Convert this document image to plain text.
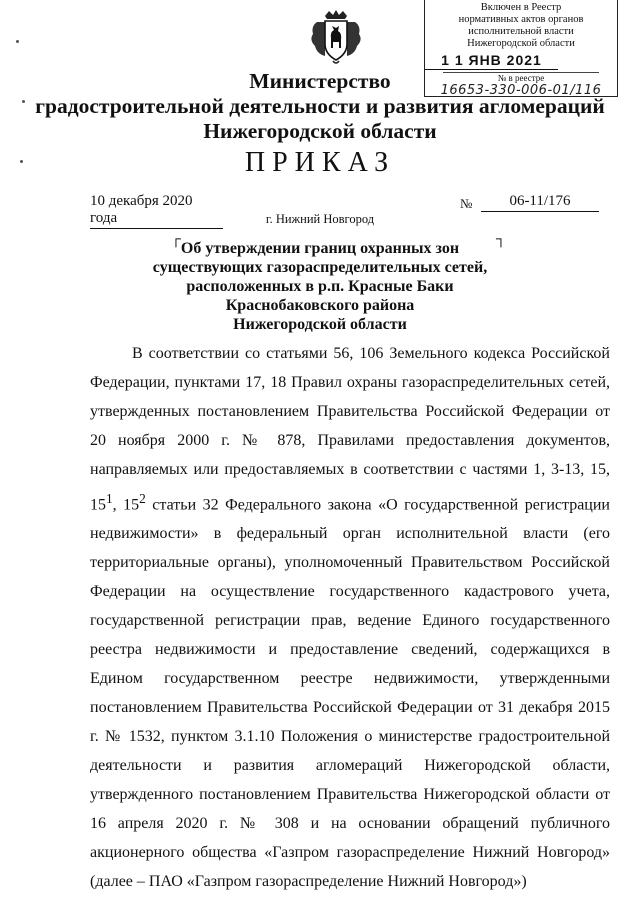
Включен в Реестр
нормативных актов органов
исполнительной власти
Нижегородской области
1 1 ЯНВ 2021
№ в реестре
16653-330-006-01/116
Министерство
градостроительной деятельности и развития агломераций
Нижегородской области
ПРИКАЗ
10 декабря 2020 года
№	06-11/176
г. Нижний Новгород
┌	┐
Об утверждении границ охранных зон
существующих газораспределительных сетей,
расположенных в р.п. Красные Баки
Краснобаковского района
Нижегородской области
В соответствии со статьями 56, 106 Земельного кодекса Российской Федерации, пунктами 17, 18 Правил охраны газораспределительных сетей, утвержденных постановлением Правительства Российской Федерации от 20 ноября 2000 г. № 878, Правилами предоставления документов, направляемых или предоставляемых в соответствии с частями 1, 3-13, 15, $15^1$, $15^2$ статьи 32 Федерального закона «О государственной регистрации недвижимости» в федеральный орган исполнительной власти (его территориальные органы), уполномоченный Правительством Российской Федерации на осуществление государственного кадастрового учета, государственной регистрации прав, ведение Единого государственного реестра недвижимости и предоставление сведений, содержащихся в Едином государственном реестре недвижимости, утвержденными постановлением Правительства Российской Федерации от 31 декабря 2015 г. № 1532, пунктом 3.1.10 Положения о министерстве градостроительной деятельности и развития агломераций Нижегородской области, утвержденного постановлением Правительства Нижегородской области от 16 апреля 2020 г. № 308 и на основании обращений публичного акционерного общества «Газпром газораспределение Нижний Новгород» (далее – ПАО «Газпром газораспределение Нижний Новгород»)
